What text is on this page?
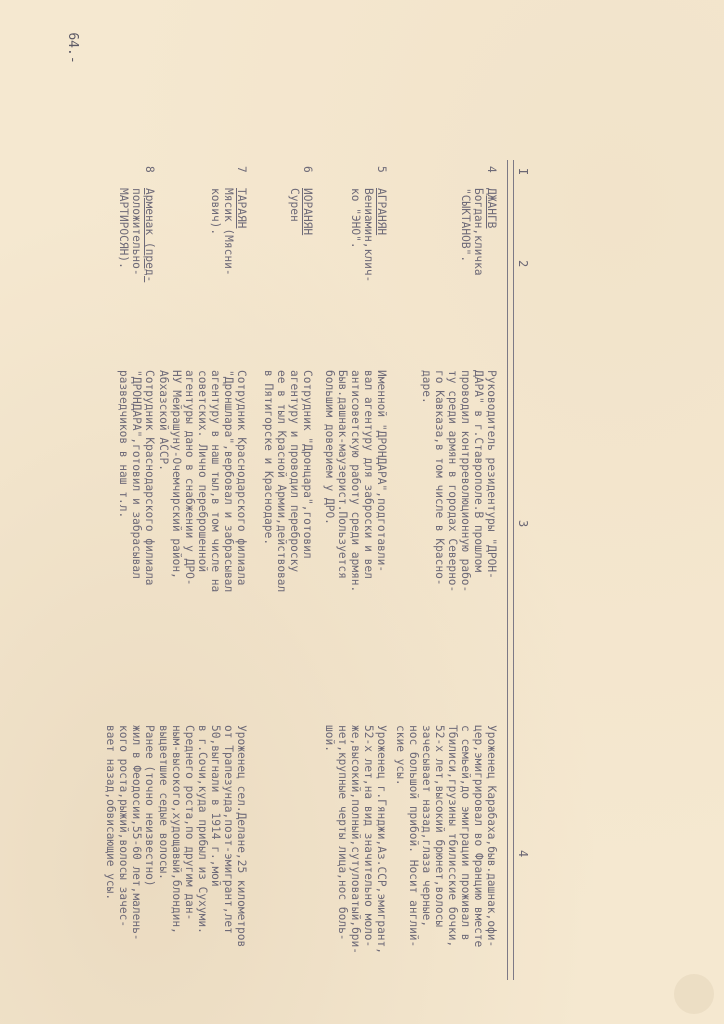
64.-
I
2
3
4
4
ДЖАНГВ
Богдан,кличка
"СЫКТАНОВ".
Руководитель резидентуры "ДРОН-
ДАРА" в г.Ставрополе.В прошлом
проводил контрреволюционную рабо-
ту среди армян в городах Северно-
го Кавказа,в том числе в Красно-
даре.
Уроженец Карабаха,быв.дашнак,офи-
цер,эмигрировал во Францию вместе
с семьей,до эмиграции проживал в
Тбилиси,грузины тбилисские бочки,
52-х лет,высокий брюнет,волосы
зачесывает назад,глаза черные,
нос большой прибой. Носит англий-
ские усы.
5
АГРАНЯН
Вениамин,клич-
ко "ЭНО".
Именной "ДРОНДАРА",подготавли-
вал агентуру для заброски и вел
антисоветскую работу среди армян.
Быв.дашнак-маузерист.Пользуется
большим доверием у ДРО.
Уроженец г.Гянджи,Аз.ССР,эмигрант,
52-х лет,на вид значительно моло-
же,высокий,полный,сутуловатый,бри-
нет,крупные черты лица,нос боль-
шой.
6
ИОРАНЯН
Сурен
Сотрудник "Дронцара",готовил
агентуру и проводил переброску
ее в тыл Красной Армии,действовал
в Пятигорске и Краснодаре.
7
ТАРАЯН
Мясик (Мясни-
кович).
Сотрудник Краснодарского филиала
"Дроншлара",вербовал и забрасывал
агентуру в наш тыл,в том числе на
советских. Лично переброшенной
агентуры дано в снабжении у ДРО-
НУ Мейрашуну-Очемчирский район,
Абхазской АССР.
Уроженец сел.Делане,25 километров
от Трапезунда,поэт-эмигрант,лет
50,выгнали в 1914 г.,мой
в г.Сочи,куда прибыл из Сухуми.
Среднего роста,по другим дан-
ным-высокого,худощавый,блондин,
выцветшие седые волосы.
8
Арменак (пред-
положительно-
МАРТИРОСЯН).
Сотрудник Краснодарского филиала
"ДРОНДАРА",готовил и забрасывал
разведчиков в наш т.л.
Ранее (точно неизвестно)
жил в Феодосии,55-60 лет,малень-
кого роста,рыжий,волосы зачес-
вает назад,обвисающие усы.
